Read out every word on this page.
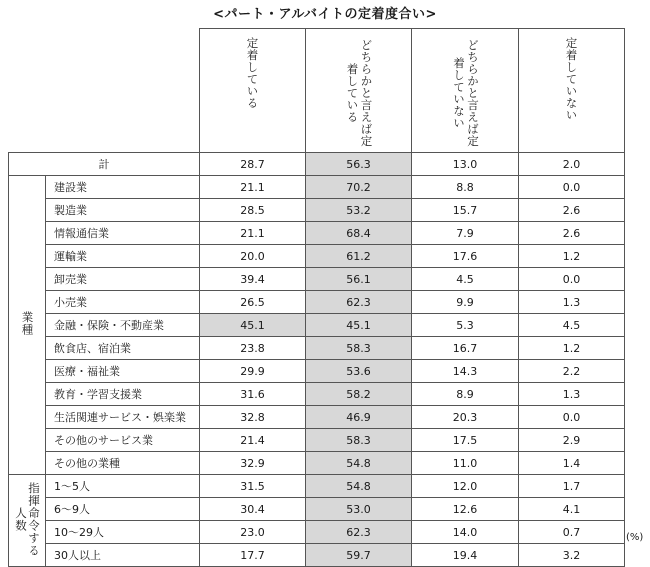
<パート・アルバイトの定着度合い>
		定着している	どちらかと言えば定着している	どちらかと言えば定着していない	定着していない
計		28.7	56.3	13.0	2.0
業種	建設業	21.1	70.2	8.8	0.0
	製造業	28.5	53.2	15.7	2.6
	情報通信業	21.1	68.4	7.9	2.6
	運輸業	20.0	61.2	17.6	1.2
	卸売業	39.4	56.1	4.5	0.0
	小売業	26.5	62.3	9.9	1.3
	金融・保険・不動産業	45.1	45.1	5.3	4.5
	飲食店、宿泊業	23.8	58.3	16.7	1.2
	医療・福祉業	29.9	53.6	14.3	2.2
	教育・学習支援業	31.6	58.2	8.9	1.3
	生活関連サービス・娯楽業	32.8	46.9	20.3	0.0
	その他のサービス業	21.4	58.3	17.5	2.9
	その他の業種	32.9	54.8	11.0	1.4
指揮命令する人数	1～5人	31.5	54.8	12.0	1.7
	6～9人	30.4	53.0	12.6	4.1
	10～29人	23.0	62.3	14.0	0.7
	30人以上	17.7	59.7	19.4	3.2
(%)
